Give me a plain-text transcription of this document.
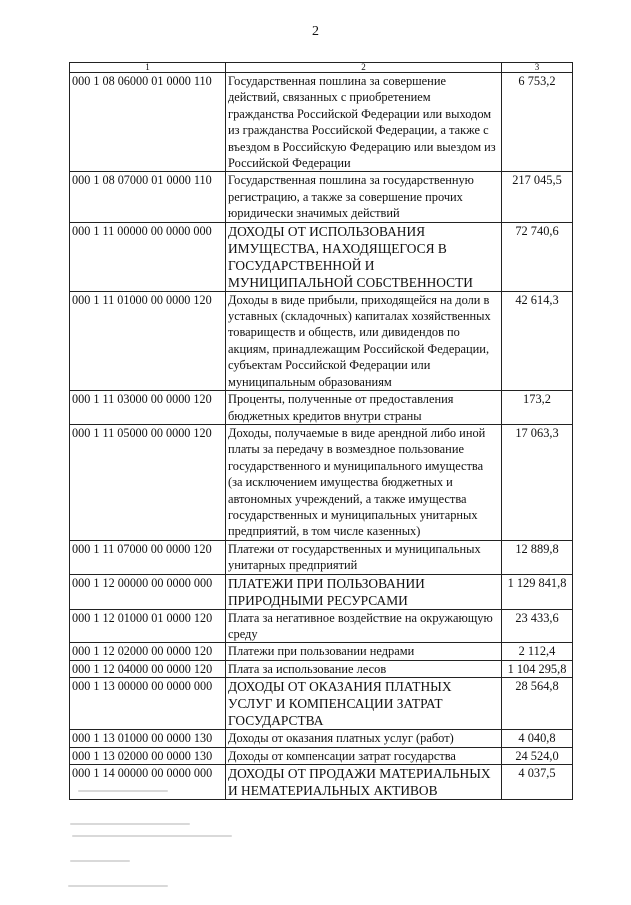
2
1	2	3
000 1 08 06000 01 0000 110	Государственная пошлина за совершение действий, связанных с приобретением гражданства Российской Федерации или выходом из гражданства Российской Федерации, а также с въездом в Российскую Федерацию или выездом из Российской Федерации	6 753,2
000 1 08 07000 01 0000 110	Государственная пошлина за государственную регистрацию, а также за совершение прочих юридически значимых действий	217 045,5
000 1 11 00000 00 0000 000	ДОХОДЫ ОТ ИСПОЛЬЗОВАНИЯ ИМУЩЕСТВА, НАХОДЯЩЕГОСЯ В ГОСУДАРСТВЕННОЙ И МУНИЦИПАЛЬНОЙ СОБСТВЕННОСТИ	72 740,6
000 1 11 01000 00 0000 120	Доходы в виде прибыли, приходящейся на доли в уставных (складочных) капиталах хозяйственных товариществ и обществ, или дивидендов по акциям, принадлежащим Российской Федерации, субъектам Российской Федерации или муниципальным образованиям	42 614,3
000 1 11 03000 00 0000 120	Проценты, полученные от предоставления бюджетных кредитов внутри страны	173,2
000 1 11 05000 00 0000 120	Доходы, получаемые в виде арендной либо иной платы за передачу в возмездное пользование государственного и муниципального имущества (за исключением имущества бюджетных и автономных учреждений, а также имущества государственных и муниципальных унитарных предприятий, в том числе казенных)	17 063,3
000 1 11 07000 00 0000 120	Платежи от государственных и муниципальных унитарных предприятий	12 889,8
000 1 12 00000 00 0000 000	ПЛАТЕЖИ ПРИ ПОЛЬЗОВАНИИ ПРИРОДНЫМИ РЕСУРСАМИ	1 129 841,8
000 1 12 01000 01 0000 120	Плата за негативное воздействие на окружающую среду	23 433,6
000 1 12 02000 00 0000 120	Платежи при пользовании недрами	2 112,4
000 1 12 04000 00 0000 120	Плата за использование лесов	1 104 295,8
000 1 13 00000 00 0000 000	ДОХОДЫ ОТ ОКАЗАНИЯ ПЛАТНЫХ УСЛУГ И КОМПЕНСАЦИИ ЗАТРАТ ГОСУДАРСТВА	28 564,8
000 1 13 01000 00 0000 130	Доходы от оказания платных услуг (работ)	4 040,8
000 1 13 02000 00 0000 130	Доходы от компенсации затрат государства	24 524,0
000 1 14 00000 00 0000 000	ДОХОДЫ ОТ ПРОДАЖИ МАТЕРИАЛЬНЫХ И НЕМАТЕРИАЛЬНЫХ АКТИВОВ	4 037,5
